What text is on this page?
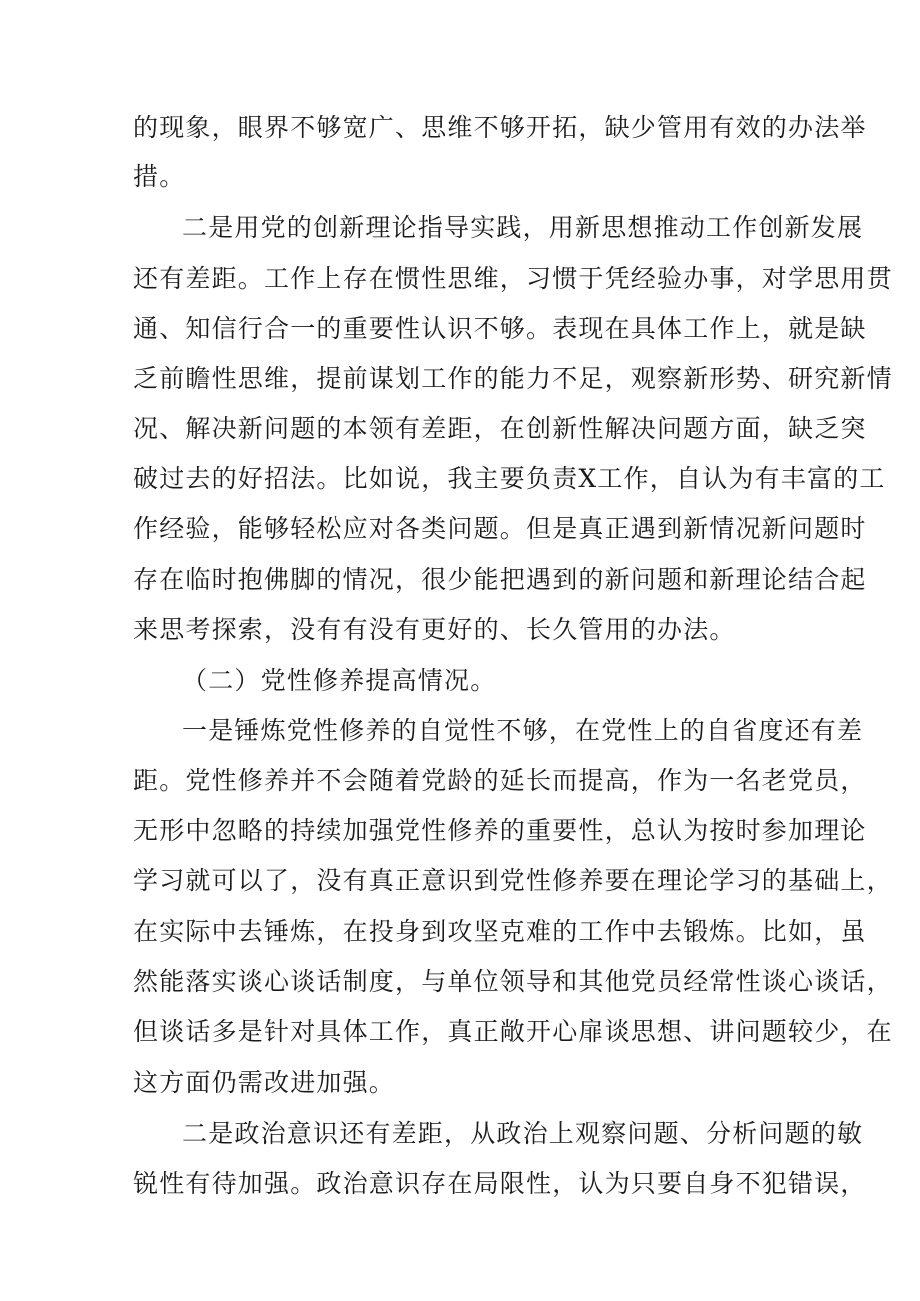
的现象，眼界不够宽广、思维不够开拓，缺少管用有效的办法举
措。
二是用党的创新理论指导实践，用新思想推动工作创新发展
还有差距。工作上存在惯性思维，习惯于凭经验办事，对学思用贯
通、知信行合一的重要性认识不够。表现在具体工作上，就是缺
乏前瞻性思维，提前谋划工作的能力不足，观察新形势、研究新情
况、解决新问题的本领有差距，在创新性解决问题方面，缺乏突
破过去的好招法。比如说，我主要负责X工作，自认为有丰富的工
作经验，能够轻松应对各类问题。但是真正遇到新情况新问题时
存在临时抱佛脚的情况，很少能把遇到的新问题和新理论结合起
来思考探索，没有有没有更好的、长久管用的办法。
（二）党性修养提高情况。
一是锤炼党性修养的自觉性不够，在党性上的自省度还有差
距。党性修养并不会随着党龄的延长而提高，作为一名老党员，
无形中忽略的持续加强党性修养的重要性，总认为按时参加理论
学习就可以了，没有真正意识到党性修养要在理论学习的基础上，
在实际中去锤炼，在投身到攻坚克难的工作中去锻炼。比如，虽
然能落实谈心谈话制度，与单位领导和其他党员经常性谈心谈话，
但谈话多是针对具体工作，真正敞开心扉谈思想、讲问题较少，在
这方面仍需改进加强。
二是政治意识还有差距，从政治上观察问题、分析问题的敏
锐性有待加强。政治意识存在局限性，认为只要自身不犯错误，
